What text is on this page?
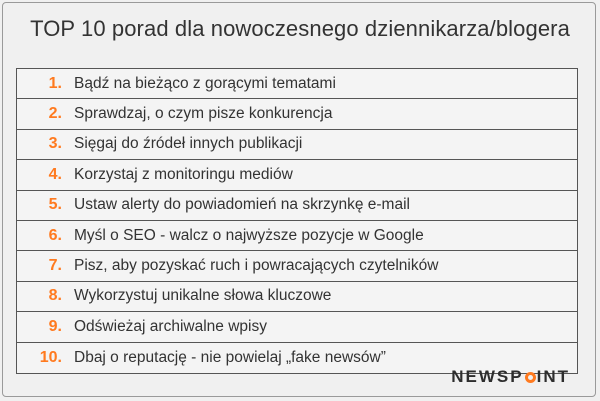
TOP 10 porad dla nowoczesnego dziennikarza/blogera
1. Bądź na bieżąco z gorącymi tematami
2. Sprawdzaj, o czym pisze konkurencja
3. Sięgaj do źródeł innych publikacji
4. Korzystaj z monitoringu mediów
5. Ustaw alerty do powiadomień na skrzynkę e-mail
6. Myśl o SEO - walcz o najwyższe pozycje w Google
7. Pisz, aby pozyskać ruch i powracających czytelników
8. Wykorzystuj unikalne słowa kluczowe
9. Odświeżaj archiwalne wpisy
10. Dbaj o reputację - nie powielaj „fake newsów”
NEWSP INT
